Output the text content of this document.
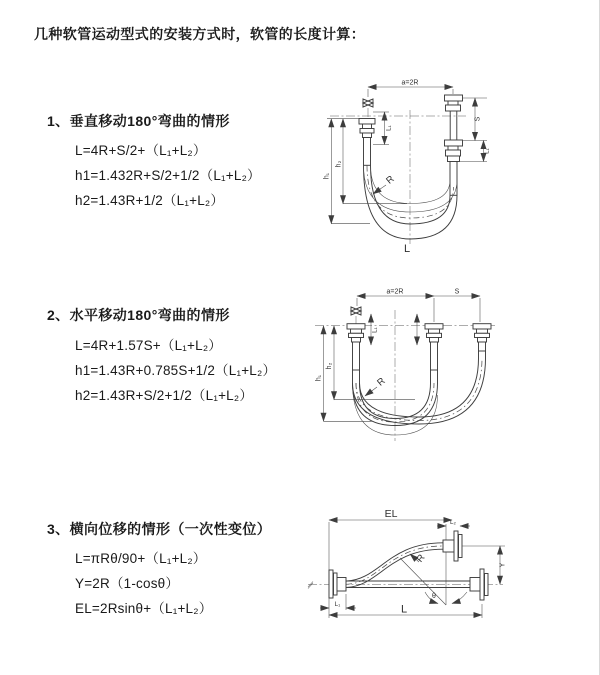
几种软管运动型式的安装方式时，软管的长度计算：
1、垂直移动180°弯曲的情形
L=4R+S/2+（L₁+L₂）
h1=1.432R+S/2+1/2（L₁+L₂）
h2=1.43R+1/2（L₁+L₂）
2、水平移动180°弯曲的情形
L=4R+1.57S+（L₁+L₂）
h1=1.43R+0.785S+1/2（L₁+L₂）
h2=1.43R+S/2+1/2（L₁+L₂）
3、横向位移的情形（一次性变位）
L=πRθ/90+（L₁+L₂）
Y=2R（1-cosθ）
EL=2Rsinθ+（L₁+L₂）
a=2R
h₁
h₂
L₁
S
L₁
R
L
a=2R	S
h₁
h₂
L₁
R
EL
L₂
θ
R
Y
L₁	L
